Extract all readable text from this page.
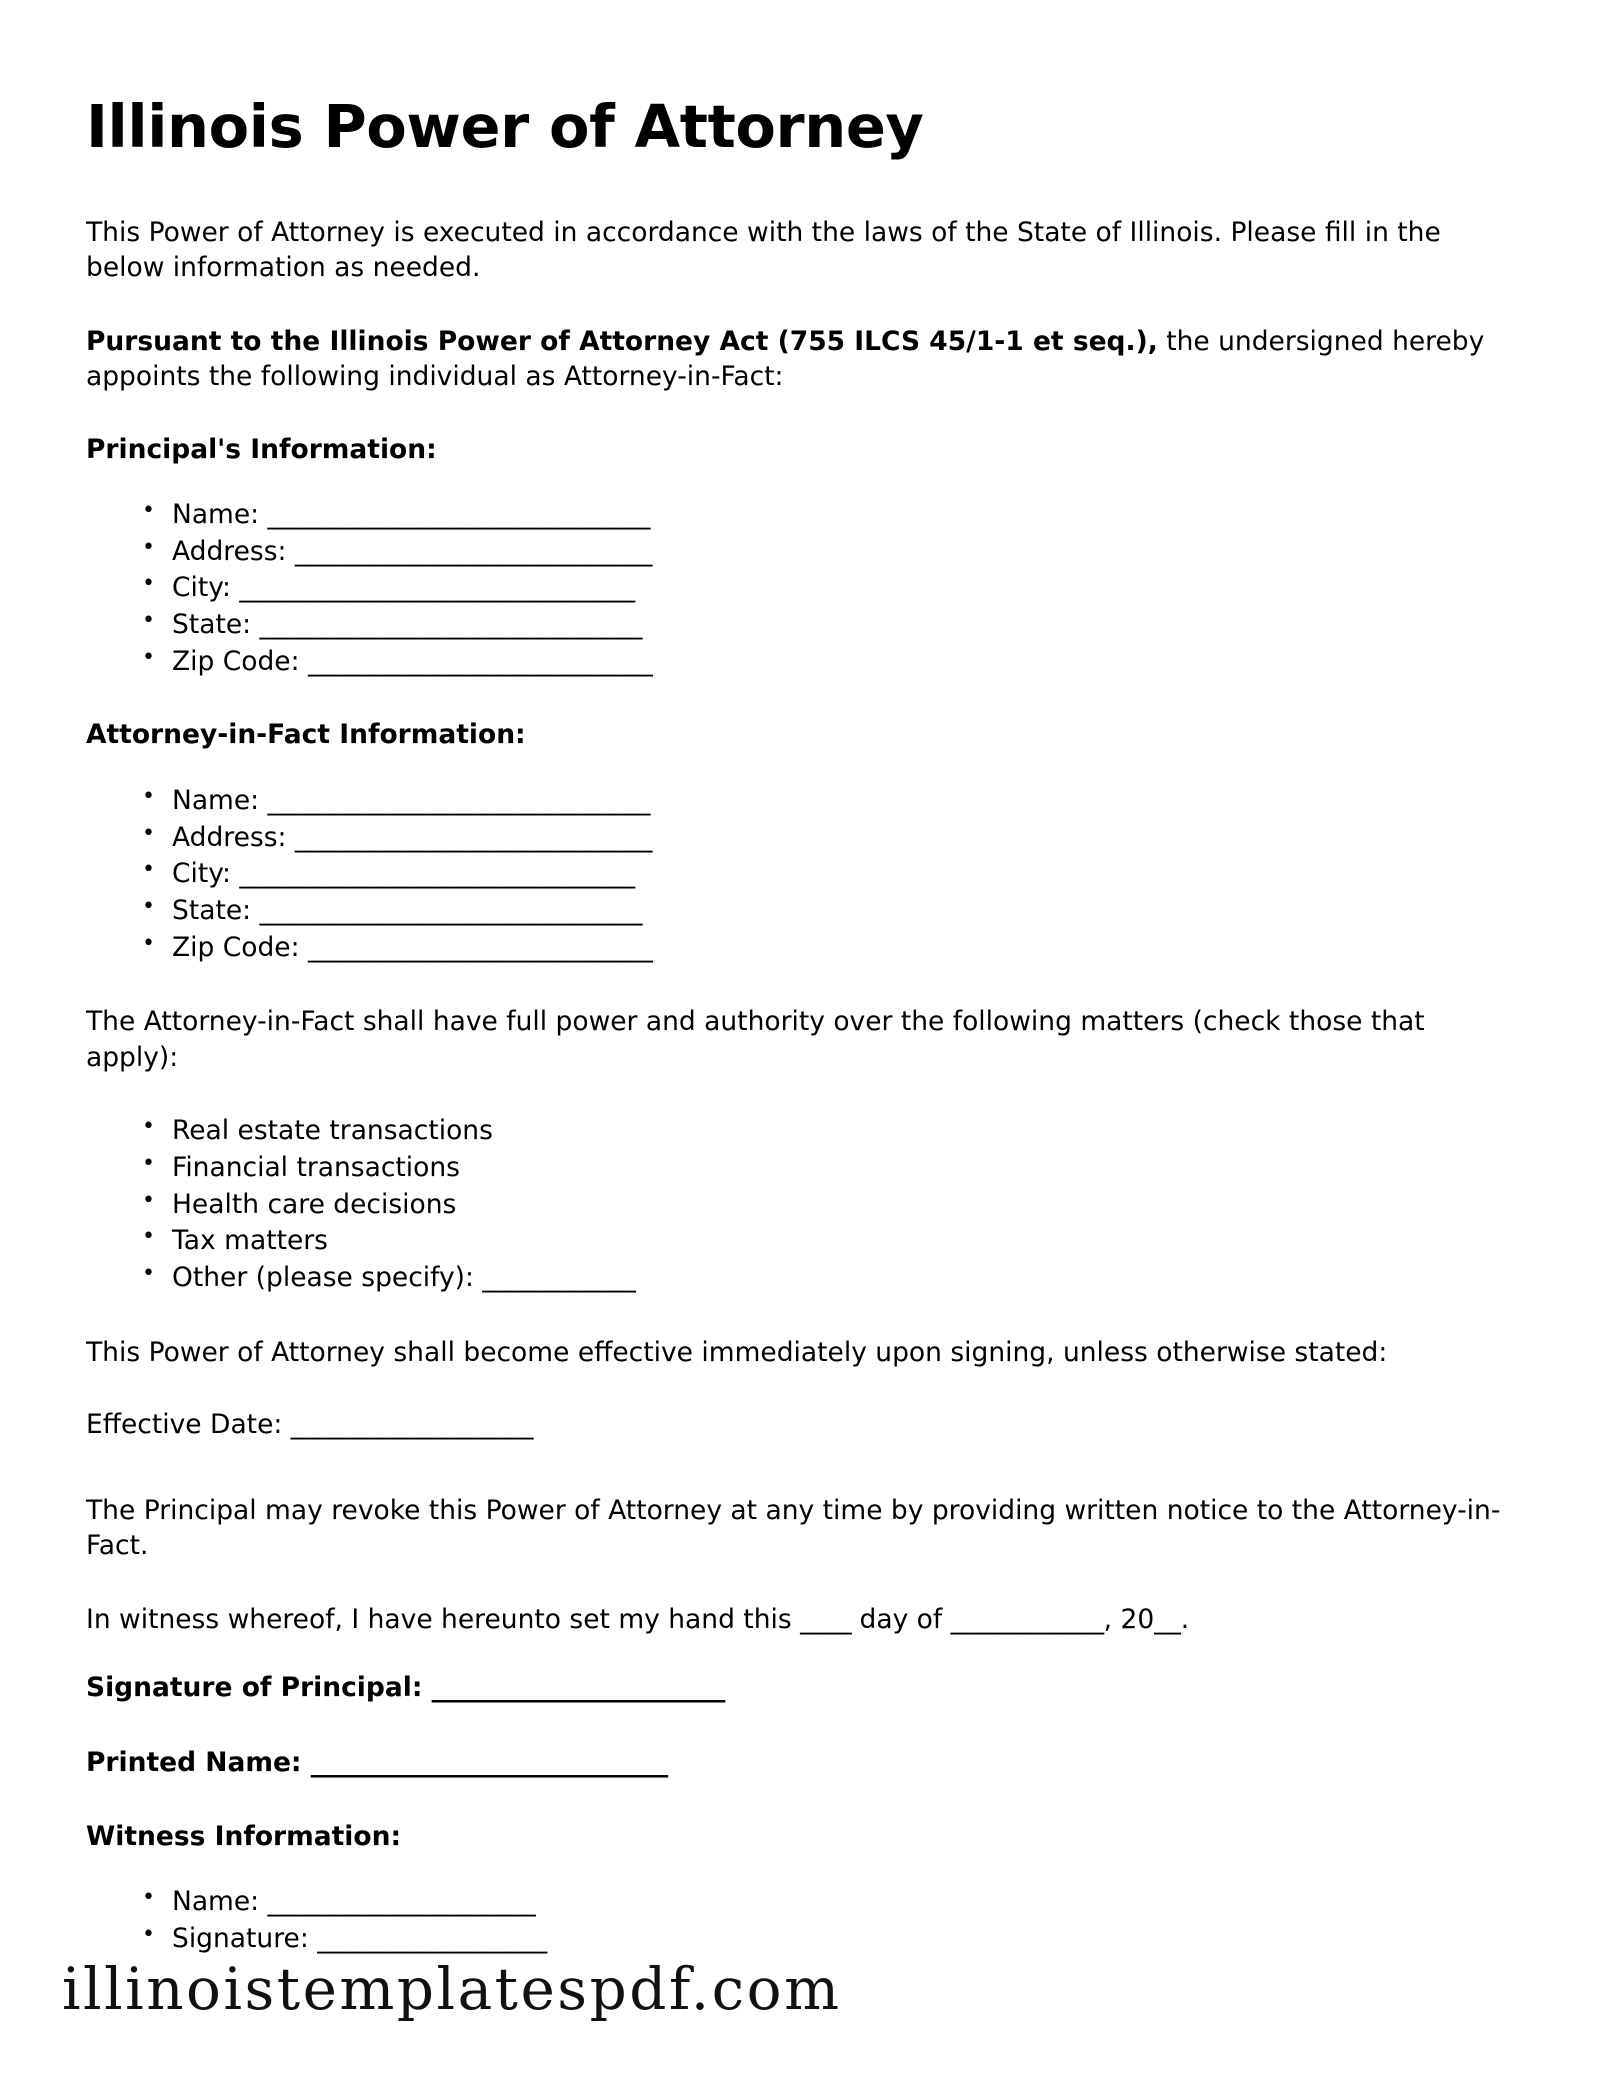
Illinois Power of Attorney

This Power of Attorney is executed in accordance with the laws of the State of Illinois. Please fill in the below information as needed.

Pursuant to the Illinois Power of Attorney Act (755 ILCS 45/1-1 et seq.), the undersigned hereby appoints the following individual as Attorney-in-Fact:

Principal's Information:
• Name: ______________________________
• Address: ____________________________
• City: _______________________________
• State: ______________________________
• Zip Code: ___________________________
Attorney-in-Fact Information:
• Name: ______________________________
• Address: ____________________________
• City: _______________________________
• State: ______________________________
• Zip Code: ___________________________

The Attorney-in-Fact shall have full power and authority over the following matters (check those that apply):

• Real estate transactions
• Financial transactions
• Health care decisions
• Tax matters
• Other (please specify): ____________

This Power of Attorney shall become effective immediately upon signing, unless otherwise stated:

Effective Date: ___________________

The Principal may revoke this Power of Attorney at any time by providing written notice to the Attorney-in-Fact.

In witness whereof, I have hereunto set my hand this ____ day of ____________, 20__.

Signature of Principal: _______________________

Printed Name: ____________________________

Witness Information:
• Name: _____________________
• Signature: __________________
illinoistemplatespdf.com
